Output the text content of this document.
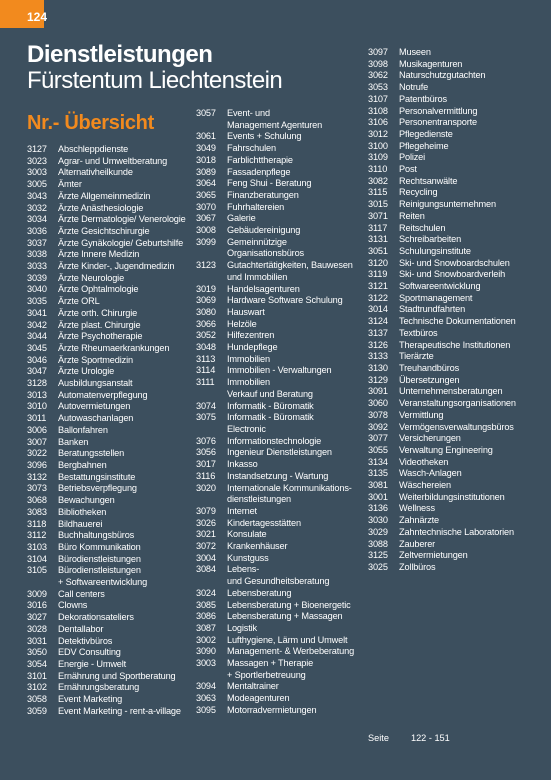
124
Dienstleistungen
Fürstentum Liechtenstein
Nr.- Übersicht
3127	Abschleppdienste
3023	Agrar- und Umweltberatung
3003	Alternativheilkunde
3005	Ämter
3043	Ärzte Allgemeinmedizin
3032	Ärzte Anästhesiologie
3034	Ärzte Dermatologie/ Venerologie
3036	Ärzte Gesichtschirurgie
3037	Ärzte Gynäkologie/ Geburtshilfe
3038	Ärzte Innere Medizin
3033	Ärzte Kinder-, Jugendmedizin
3039	Ärzte Neurologie
3040	Ärzte Ophtalmologie
3035	Ärzte ORL
3041	Ärzte orth. Chirurgie
3042	Ärzte plast. Chirurgie
3044	Ärzte Psychotherapie
3045	Ärzte Rheumaerkrankungen
3046	Ärzte Sportmedizin
3047	Ärzte Urologie
3128	Ausbildungsanstalt
3013	Automatenverpflegung
3010	Autovermietungen
3011	Autowaschanlagen
3006	Ballonfahren
3007	Banken
3022	Beratungsstellen
3096	Bergbahnen
3132	Bestattungsinstitute
3073	Betriebsverpflegung
3068	Bewachungen
3083	Bibliotheken
3118	Bildhauerei
3112	Buchhaltungsbüros
3103	Büro Kommunikation
3104	Bürodienstleistungen
3105	Bürodienstleistungen
+ Softwareentwicklung
3009	Call centers
3016	Clowns
3027	Dekorationsateliers
3028	Dentallabor
3031	Detektivbüros
3050	EDV Consulting
3054	Energie - Umwelt
3101	Ernährung und Sportberatung
3102	Ernährungsberatung
3058	Event Marketing
3059	Event Marketing - rent-a-village
3057	Event- und
Management Agenturen
3061	Events + Schulung
3049	Fahrschulen
3018	Farblichttherapie
3089	Fassadenpflege
3064	Feng Shui - Beratung
3065	Finanzberatungen
3070	Fuhrhaltereien
3067	Galerie
3008	Gebäudereinigung
3099	Gemeinnützige
Organisationsbüros
3123	Gutachtertätigkeiten, Bauwesen
und Immobilien
3019	Handelsagenturen
3069	Hardware Software Schulung
3080	Hauswart
3066	Helzöle
3052	Hilfezentren
3048	Hundepflege
3113	Immobilien
3114	Immobilien - Verwaltungen
3111	Immobilien
Verkauf und Beratung
3074	Informatik - Büromatik
3075	Informatik - Büromatik
Electronic
3076	Informationstechnologie
3056	Ingenieur Dienstleistungen
3017	Inkasso
3116	Instandsetzung - Wartung
3020	Internationale Kommunikations-
dienstleistungen
3079	Internet
3026	Kindertagesstätten
3021	Konsulate
3072	Krankenhäuser
3004	Kunstguss
3084	Lebens-
und Gesundheitsberatung
3024	Lebensberatung
3085	Lebensberatung + Bioenergetic
3086	Lebensberatung + Massagen
3087	Logistik
3002	Lufthygiene, Lärm und Umwelt
3090	Management- & Werbeberatung
3003	Massagen + Therapie
+ Sportlerbetreuung
3094	Mentaltrainer
3063	Modeagenturen
3095	Motorradvermietungen
3097	Museen
3098	Musikagenturen
3062	Naturschutzgutachten
3053	Notrufe
3107	Patentbüros
3108	Personalvermittlung
3106	Personentransporte
3012	Pflegedienste
3100	Pflegeheime
3109	Polizei
3110	Post
3082	Rechtsanwälte
3115	Recycling
3015	Reinigungsunternehmen
3071	Reiten
3117	Reitschulen
3131	Schreibarbeiten
3051	Schulungsinstitute
3120	Ski- und Snowboardschulen
3119	Ski- und Snowboardverleih
3121	Softwareentwicklung
3122	Sportmanagement
3014	Stadtrundfahrten
3124	Technische Dokumentationen
3137	Textbüros
3126	Therapeutische Institutionen
3133	Tierärzte
3130	Treuhandbüros
3129	Übersetzungen
3091	Unternehmensberatungen
3060	Veranstaltungsorganisationen
3078	Vermittlung
3092	Vermögensverwaltungsbüros
3077	Versicherungen
3055	Verwaltung Engineering
3134	Videotheken
3135	Wasch-Anlagen
3081	Wäschereien
3001	Weiterbildungsinstitutionen
3136	Wellness
3030	Zahnärzte
3029	Zahntechnische Laboratorien
3088	Zauberer
3125	Zeltvermietungen
3025	Zollbüros
Seite 122 - 151
